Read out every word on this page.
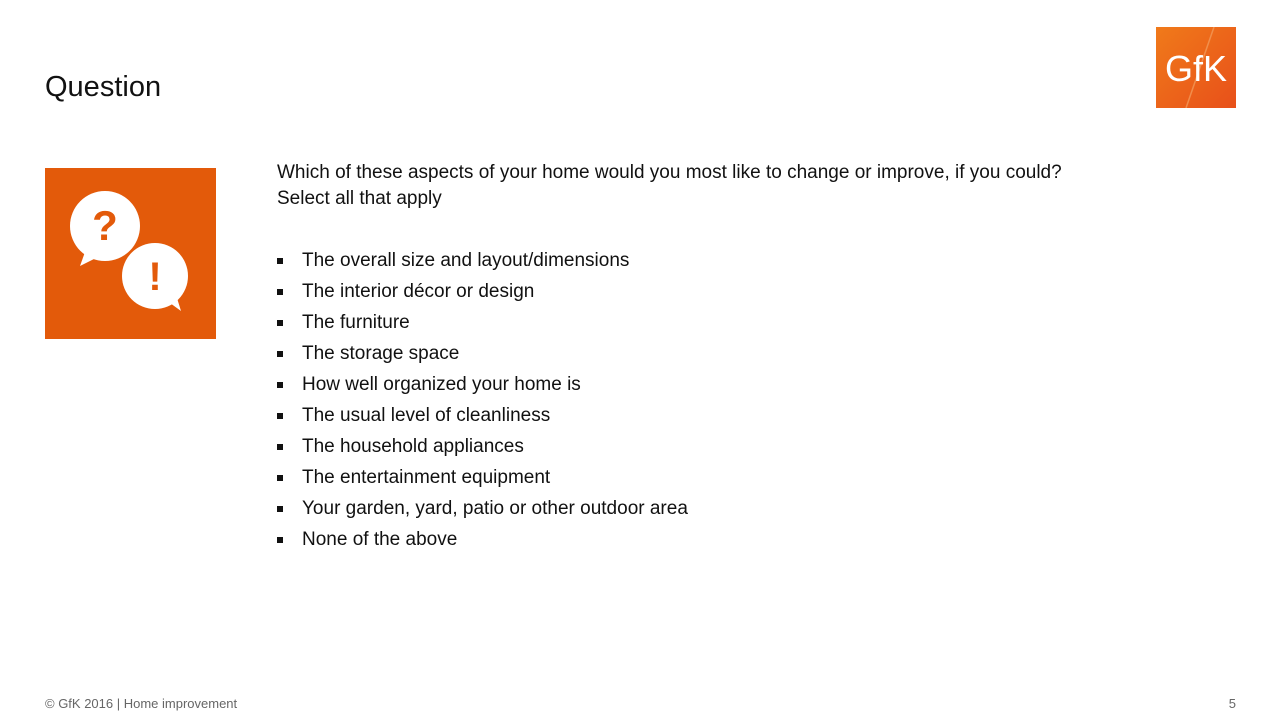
Question	GfK
?
!

Which of these aspects of your home would you most like to change or improve, if you could?

Select all that apply

The overall size and layout/dimensions
The interior décor or design
The furniture
The storage space
How well organized your home is
The usual level of cleanliness
The household appliances
The entertainment equipment
Your garden, yard, patio or other outdoor area
None of the above
© GfK 2016 | Home improvement	5
